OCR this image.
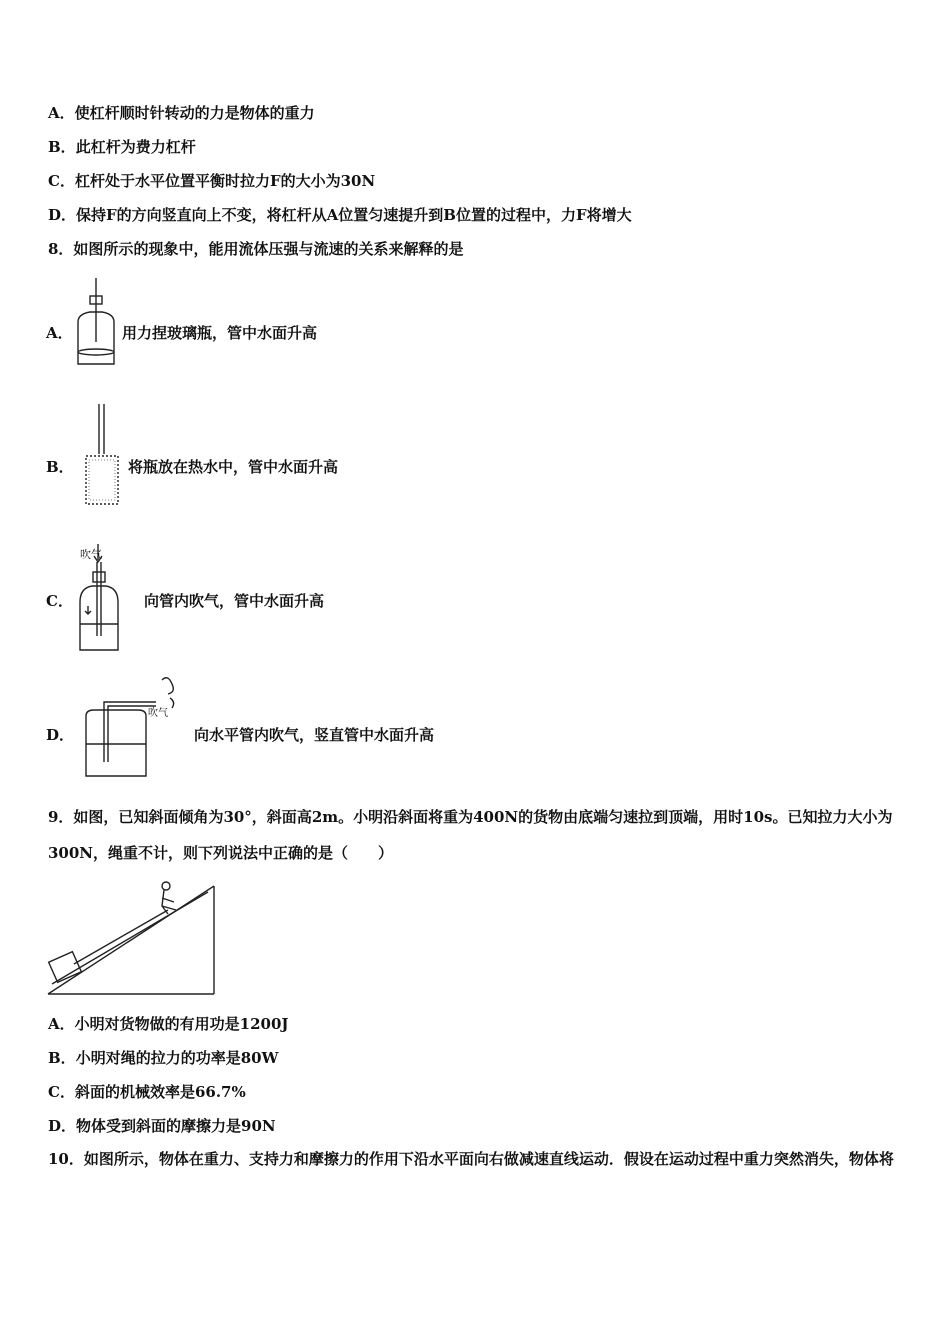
A．使杠杆顺时针转动的力是物体的重力
B．此杠杆为费力杠杆
C．杠杆处于水平位置平衡时拉力F的大小为30N
D．保持F的方向竖直向上不变，将杠杆从A位置匀速提升到B位置的过程中，力F将增大
8．如图所示的现象中，能用流体压强与流速的关系来解释的是
A．	用力捏玻璃瓶，管中水面升高
B．	将瓶放在热水中，管中水面升高
C．
吹气
向管内吹气，管中水面升高
D．
吹气
向水平管内吹气，竖直管中水面升高
9．如图，已知斜面倾角为30°，斜面高2m。小明沿斜面将重为400N的货物由底端匀速拉到顶端，用时10s。已知拉力大小为300N，绳重不计，则下列说法中正确的是（　　）
A．小明对货物做的有用功是1200J
B．小明对绳的拉力的功率是80W
C．斜面的机械效率是66.7%
D．物体受到斜面的摩擦力是90N
10．如图所示，物体在重力、支持力和摩擦力的作用下沿水平面向右做减速直线运动．假设在运动过程中重力突然消失，物体将
